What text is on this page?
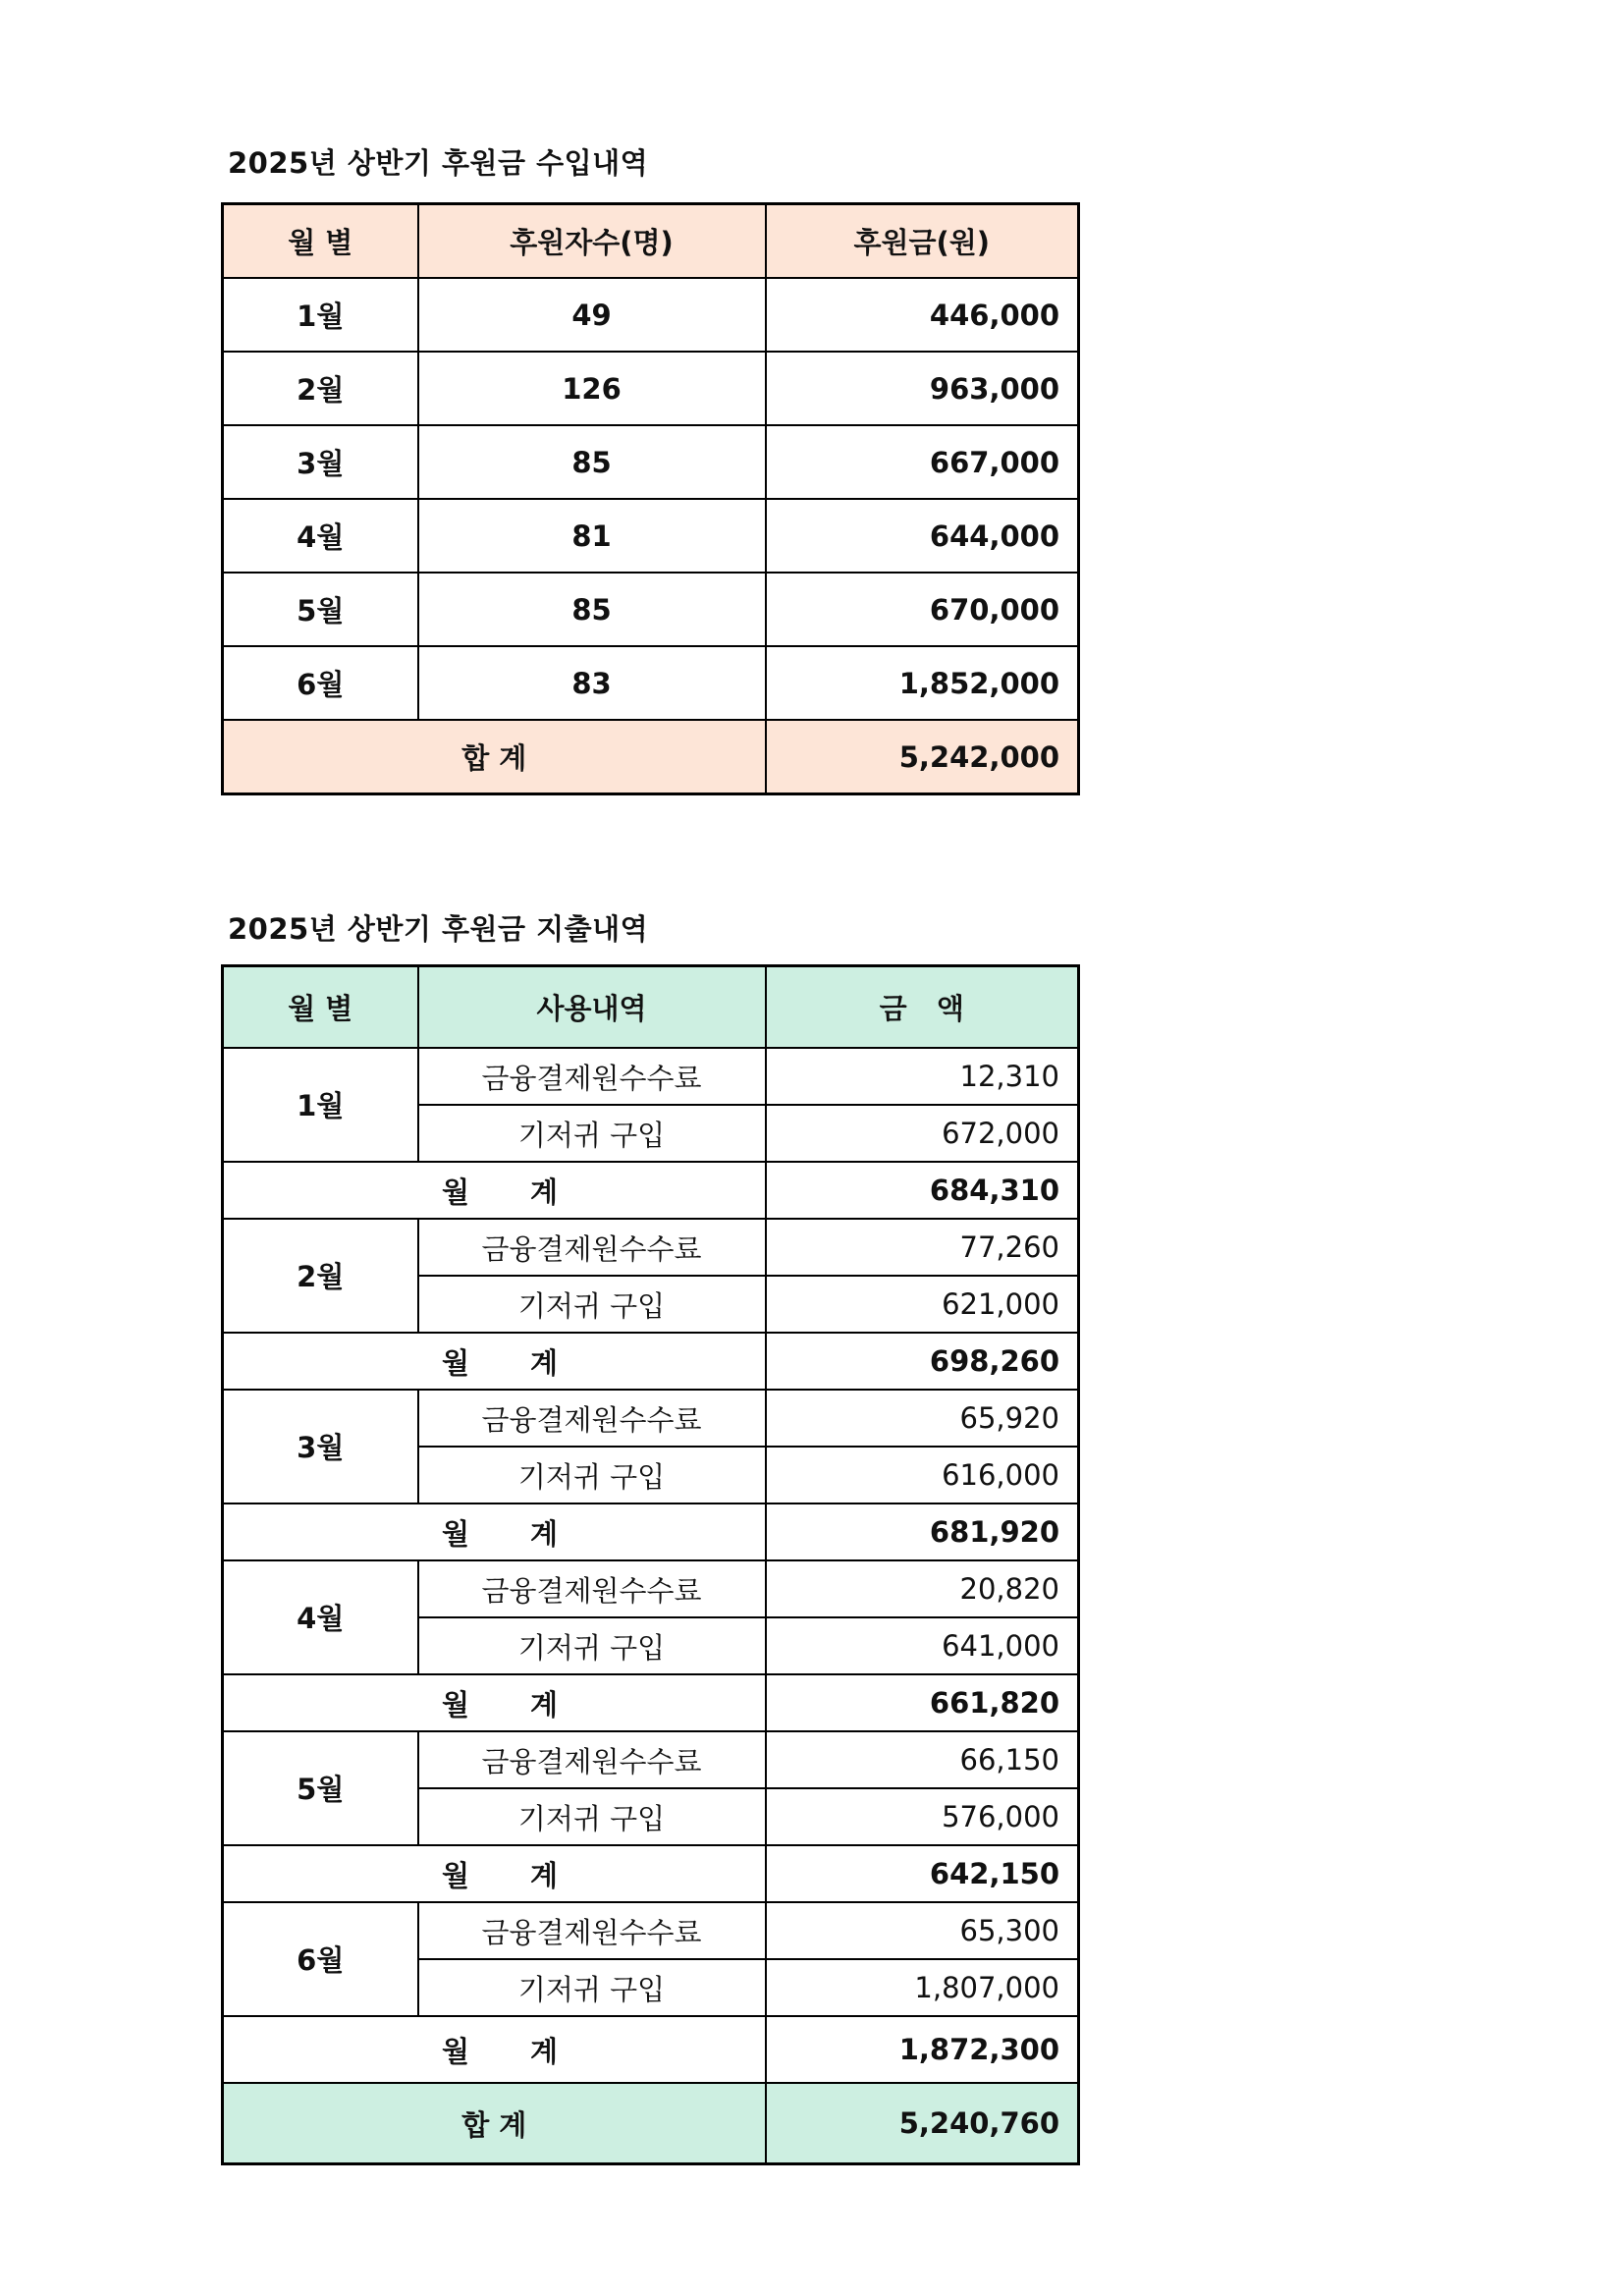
2025년 상반기 후원금 수입내역
월 별	후원자수(명)	후원금(원)
1월	49	446,000
2월	126	963,000
3월	85	667,000
4월	81	644,000
5월	85	670,000
6월	83	1,852,000
합 계		5,242,000
2025년 상반기 후원금 지출내역
월 별	사용내역	금   액
1월	금융결제원수수료	12,310
	기저귀 구입	672,000
월 계		684,310
2월	금융결제원수수료	77,260
	기저귀 구입	621,000
월 계		698,260
3월	금융결제원수수료	65,920
	기저귀 구입	616,000
월 계		681,920
4월	금융결제원수수료	20,820
	기저귀 구입	641,000
월 계		661,820
5월	금융결제원수수료	66,150
	기저귀 구입	576,000
월 계		642,150
6월	금융결제원수수료	65,300
	기저귀 구입	1,807,000
월 계		1,872,300
합 계		5,240,760
